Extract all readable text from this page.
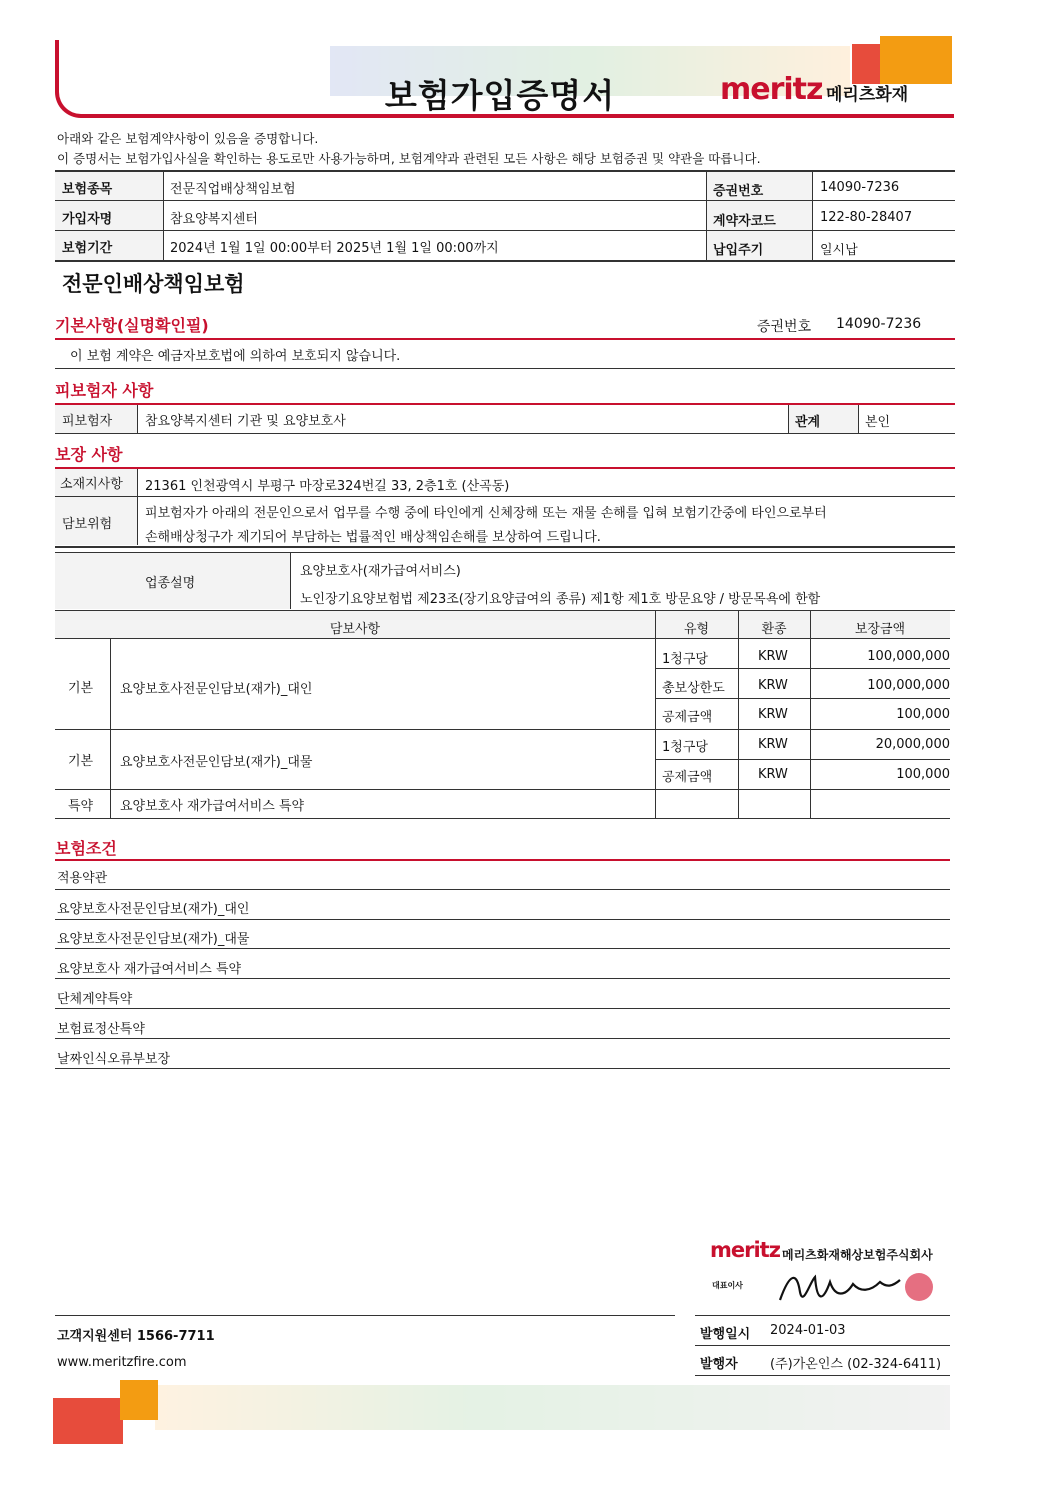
보험가입증명서	meritz 메리츠화재
아래와 같은 보험계약사항이 있음을 증명합니다.
이 증명서는 보험가입사실을 확인하는 용도로만 사용가능하며, 보험계약과 관련된 모든 사항은 해당 보험증권 및 약관을 따릅니다.
보험종목	전문직업배상책임보험	증권번호	14090-7236
가입자명	참요양복지센터	계약자코드	122-80-28407
보험기간	2024년 1월 1일 00:00부터 2025년 1월 1일 00:00까지	납입주기	일시납
전문인배상책임보험
기본사항(실명확인필)	증권번호 14090-7236
이 보험 계약은 예금자보호법에 의하여 보호되지 않습니다.
피보험자 사항
피보험자	참요양복지센터 기관 및 요양보호사	관계	본인
보장 사항
소재지사항 21361 인천광역시 부평구 마장로324번길 33, 2층1호 (산곡동)
담보위험
피보험자가 아래의 전문인으로서 업무를 수행 중에 타인에게 신체장해 또는 재물 손해를 입혀 보험기간중에 타인으로부터
손해배상청구가 제기되어 부담하는 법률적인 배상책임손해를 보상하여 드립니다.
업종설명
요양보호사(재가급여서비스)
노인장기요양보험법 제23조(장기요양급여의 종류) 제1항 제1호 방문요양 / 방문목욕에 한함
담보사항	유형	환종	보장금액
기본 요양보호사전문인담보(재가)_대인
1청구당	KRW	100,000,000
총보상한도	KRW	100,000,000
공제금액	KRW	100,000
기본 요양보호사전문인담보(재가)_대물
1청구당	KRW	20,000,000
공제금액	KRW	100,000
특약 요양보호사 재가급여서비스 특약
보험조건
적용약관
요양보호사전문인담보(재가)_대인
요양보호사전문인담보(재가)_대물
요양보호사 재가급여서비스 특약
단체계약특약
보험료정산특약
날짜인식오류부보장
meritz 메리츠화재해상보험주식회사
대표이사
고객지원센터 1566-7711
www.meritzfire.com
발행일시 2024-01-03
발행자 (주)가온인스 (02-324-6411)
